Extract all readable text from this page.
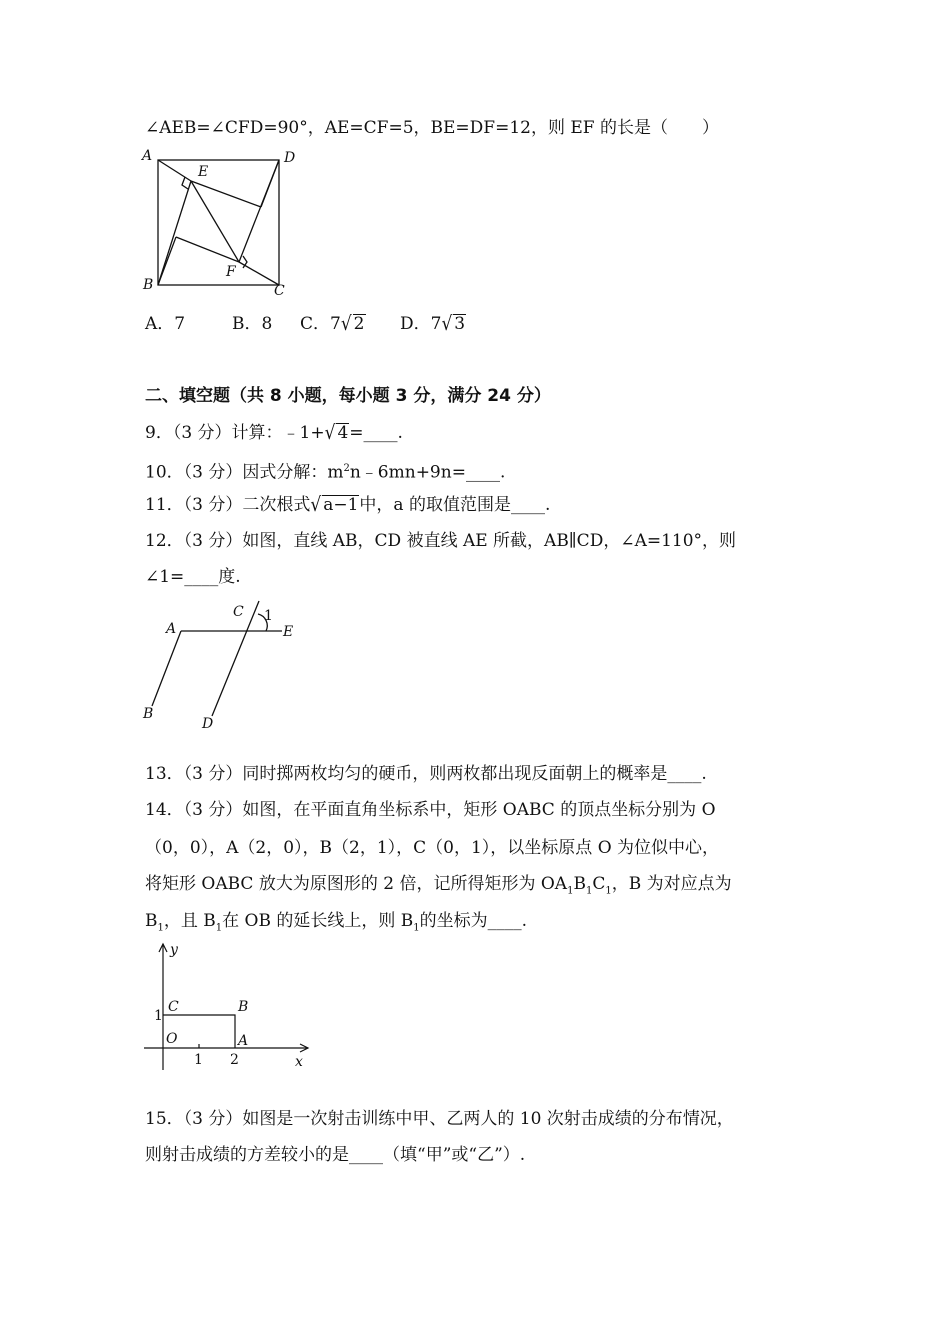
∠AEB=∠CFD=90°，AE=CF=5，BE=DF=12，则 EF 的长是（　　）
A	D
E
B	C
F
A．7	B．8 C．7√ 2 D．7√ 3
二、填空题（共 8 小题，每小题 3 分，满分 24 分）
9．（3 分）计算：﹣1+√ 4=____.
10．（3 分）因式分解：$m^2n﹣6mn+9n=\_\_\_\_$.
11．（3 分）二次根式√ a−1中，a 的取值范围是____.
12．（3 分）如图，直线 AB，CD 被直线 AE 所截，AB∥CD，∠A=110°，则
∠1=____度.
A
C 1
E
B
D
13．（3 分）同时掷两枚均匀的硬币，则两枚都出现反面朝上的概率是____.
14．（3 分）如图，在平面直角坐标系中，矩形 OABC 的顶点坐标分别为 O
（0，0），A（2，0），B（2，1），C（0，1），以坐标原点 O 为位似中心，
将矩形 OABC 放大为原图形的 2 倍，记所得矩形为 $OA_1B_1C_1$，B 为对应点为
$B_1$，且 $B_1$在 OB 的延长线上，则 $B_1$的坐标为____.
y
x
C	B
O	A
1
1 2
15．（3 分）如图是一次射击训练中甲、乙两人的 10 次射击成绩的分布情况，
则射击成绩的方差较小的是____（填“甲”或“乙”）.
